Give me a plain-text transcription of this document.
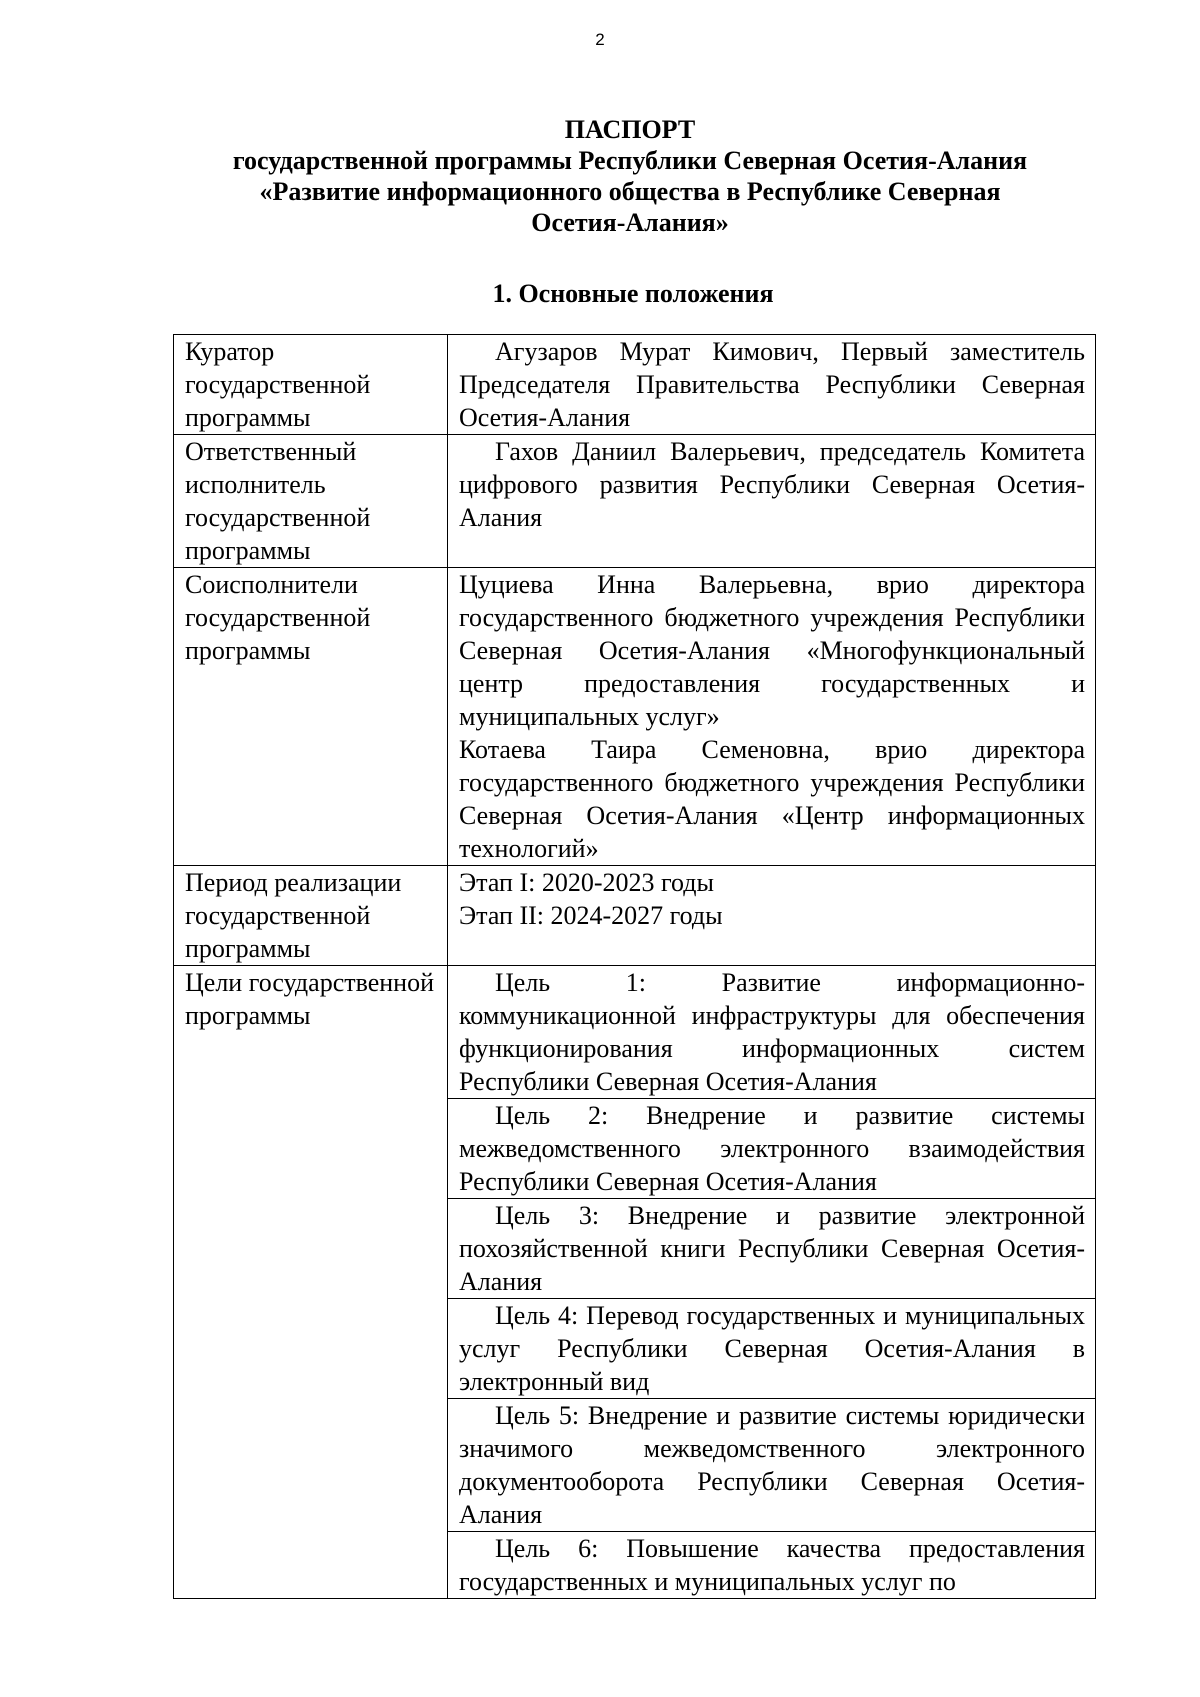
2
ПАСПОРТ
государственной программы Республики Северная Осетия-Алания
«Развитие информационного общества в Республике Северная
Осетия-Алания»
1. Основные положения
Куратор государственной программы	Агузаров Мурат Кимович, Первый заместитель Председателя Правительства Республики Северная Осетия-Алания

Ответственный исполнитель государственной программы	Гахов Даниил Валерьевич, председатель Комитета цифрового развития Республики Северная Осетия-Алания

Соисполнители государственной программы	Цуциева Инна Валерьевна, врио директора государственного бюджетного учреждения Республики Северная Осетия-Алания «Многофункциональный центр предоставления государственных и муниципальных услуг»

Котаева Таира Семеновна, врио директора государственного бюджетного учреждения Республики Северная Осетия-Алания «Центр информационных технологий»

Период реализации государственной программы	Этап I: 2020-2023 годы

Этап II: 2024-2027 годы

Цели государственной программы	Цель 1: Развитие информационно-коммуникационной инфраструктуры для обеспечения функционирования информационных систем Республики Северная Осетия-Алания

	Цель 2: Внедрение и развитие системы межведомственного электронного взаимодействия Республики Северная Осетия-Алания

	Цель 3: Внедрение и развитие электронной похозяйственной книги Республики Северная Осетия-Алания

	Цель 4: Перевод государственных и муниципальных услуг Республики Северная Осетия-Алания в электронный вид

	Цель 5: Внедрение и развитие системы юридически значимого межведомственного электронного документооборота Республики Северная Осетия-Алания

	Цель 6: Повышение качества предоставления государственных и муниципальных услуг по
